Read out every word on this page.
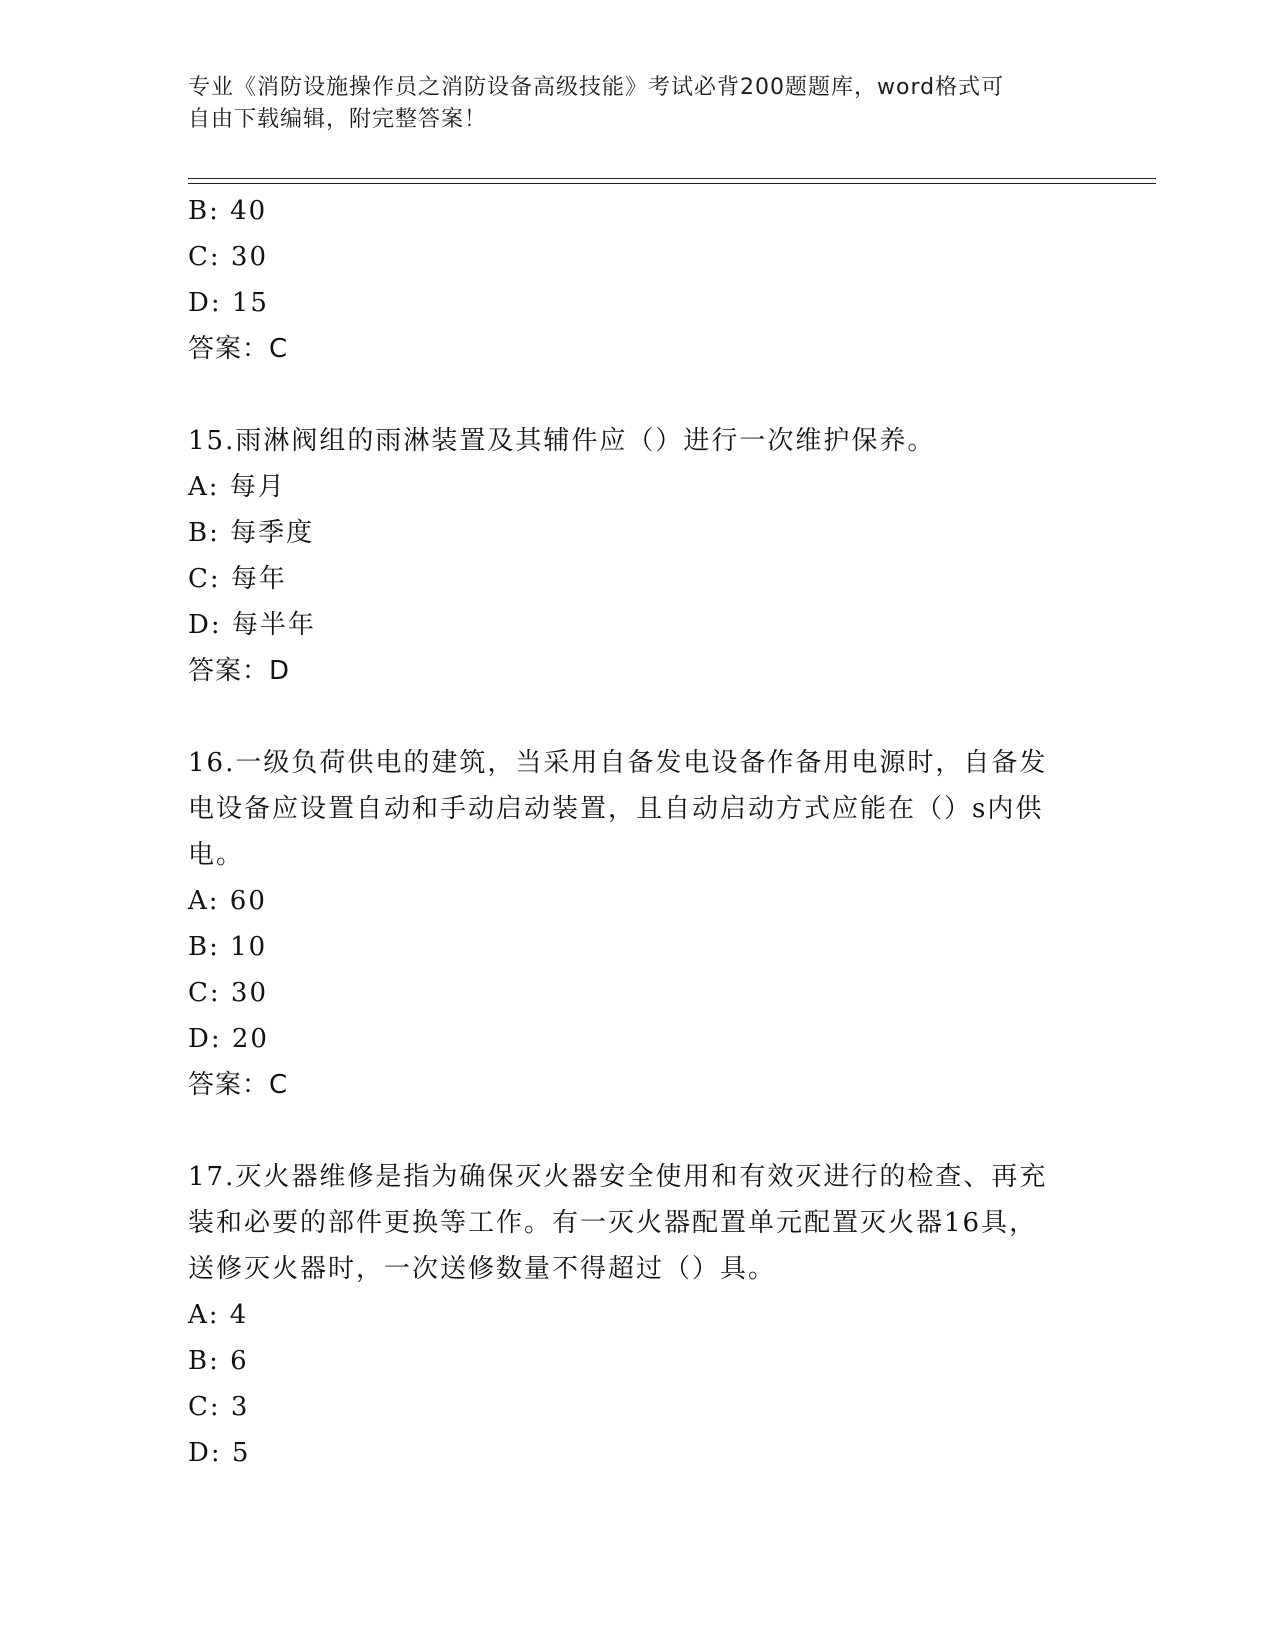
专业《消防设施操作员之消防设备高级技能》考试必背200题题库，word格式可
自由下载编辑，附完整答案！
B: 40
C: 30
D: 15
答案：C
15.雨淋阀组的雨淋装置及其辅件应（）进行一次维护保养。
A: 每月
B: 每季度
C: 每年
D: 每半年
答案：D
16.一级负荷供电的建筑，当采用自备发电设备作备用电源时，自备发
电设备应设置自动和手动启动装置，且自动启动方式应能在（）s内供
电。
A: 60
B: 10
C: 30
D: 20
答案：C
17.灭火器维修是指为确保灭火器安全使用和有效灭进行的检查、再充
装和必要的部件更换等工作。有一灭火器配置单元配置灭火器16具，
送修灭火器时，一次送修数量不得超过（）具。
A: 4
B: 6
C: 3
D: 5
